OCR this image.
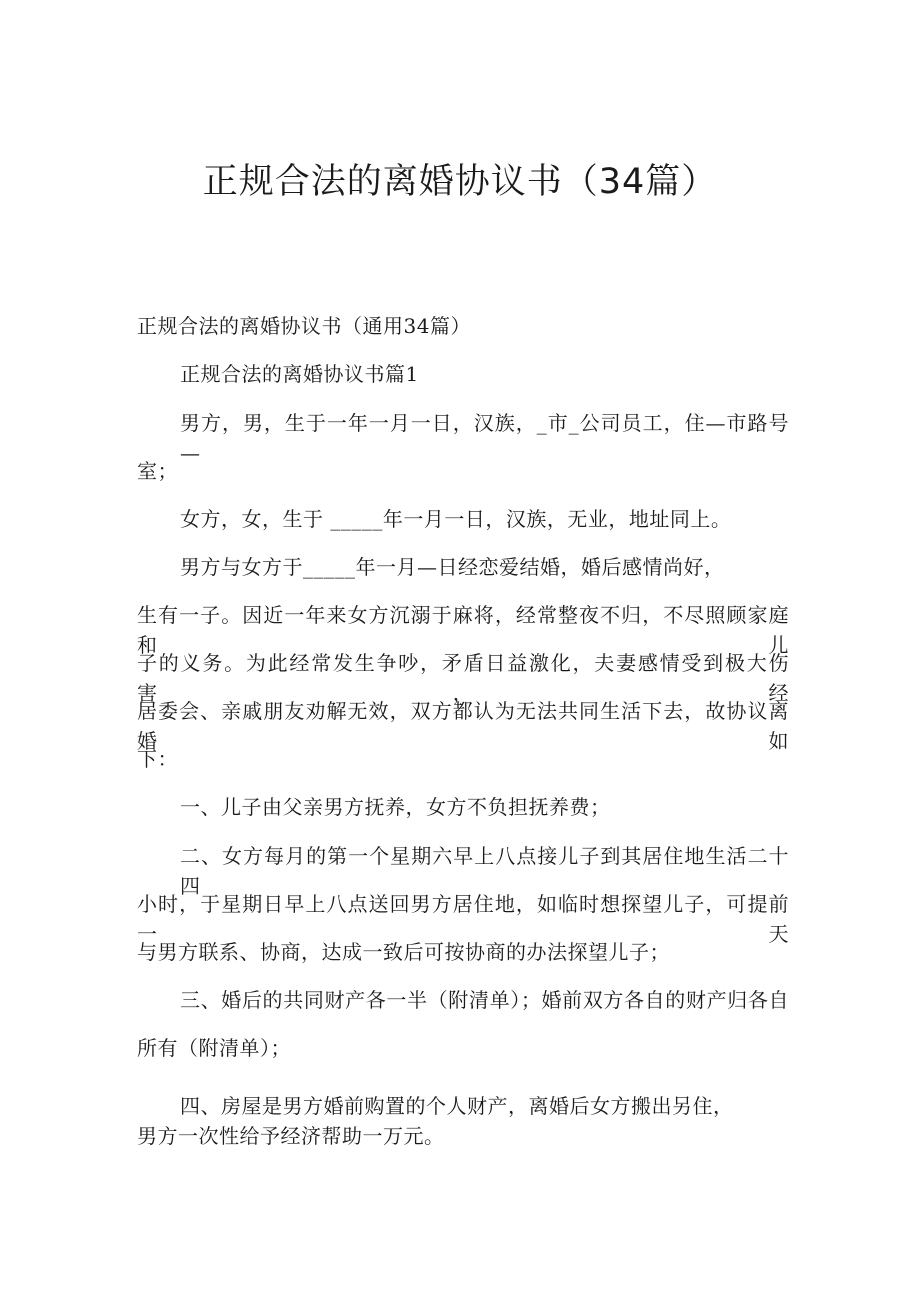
正规合法的离婚协议书（34篇）

正规合法的离婚协议书（通用34篇）

正规合法的离婚协议书篇1

男方，男，生于一年一月一日，汉族，_市_公司员工，住—市路号—

室；

女方，女，生于 _____年一月一日，汉族，无业，地址同上。

男方与女方于_____年一月—日经恋爱结婚，婚后感情尚好，

生有一子。因近一年来女方沉溺于麻将，经常整夜不归，不尽照顾家庭和儿

子的义务。为此经常发生争吵，矛盾日益激化，夫妻感情受到极大伤害，经

居委会、亲戚朋友劝解无效，双方都认为无法共同生活下去，故协议离婚如

下：

一、儿子由父亲男方抚养，女方不负担抚养费；

二、女方每月的第一个星期六早上八点接儿子到其居住地生活二十四

小时，于星期日早上八点送回男方居住地，如临时想探望儿子，可提前一天

与男方联系、协商，达成一致后可按协商的办法探望儿子；

三、婚后的共同财产各一半（附清单）；婚前双方各自的财产归各自

所有（附清单）；

四、房屋是男方婚前购置的个人财产，离婚后女方搬出另住，

男方一次性给予经济帮助一万元。
